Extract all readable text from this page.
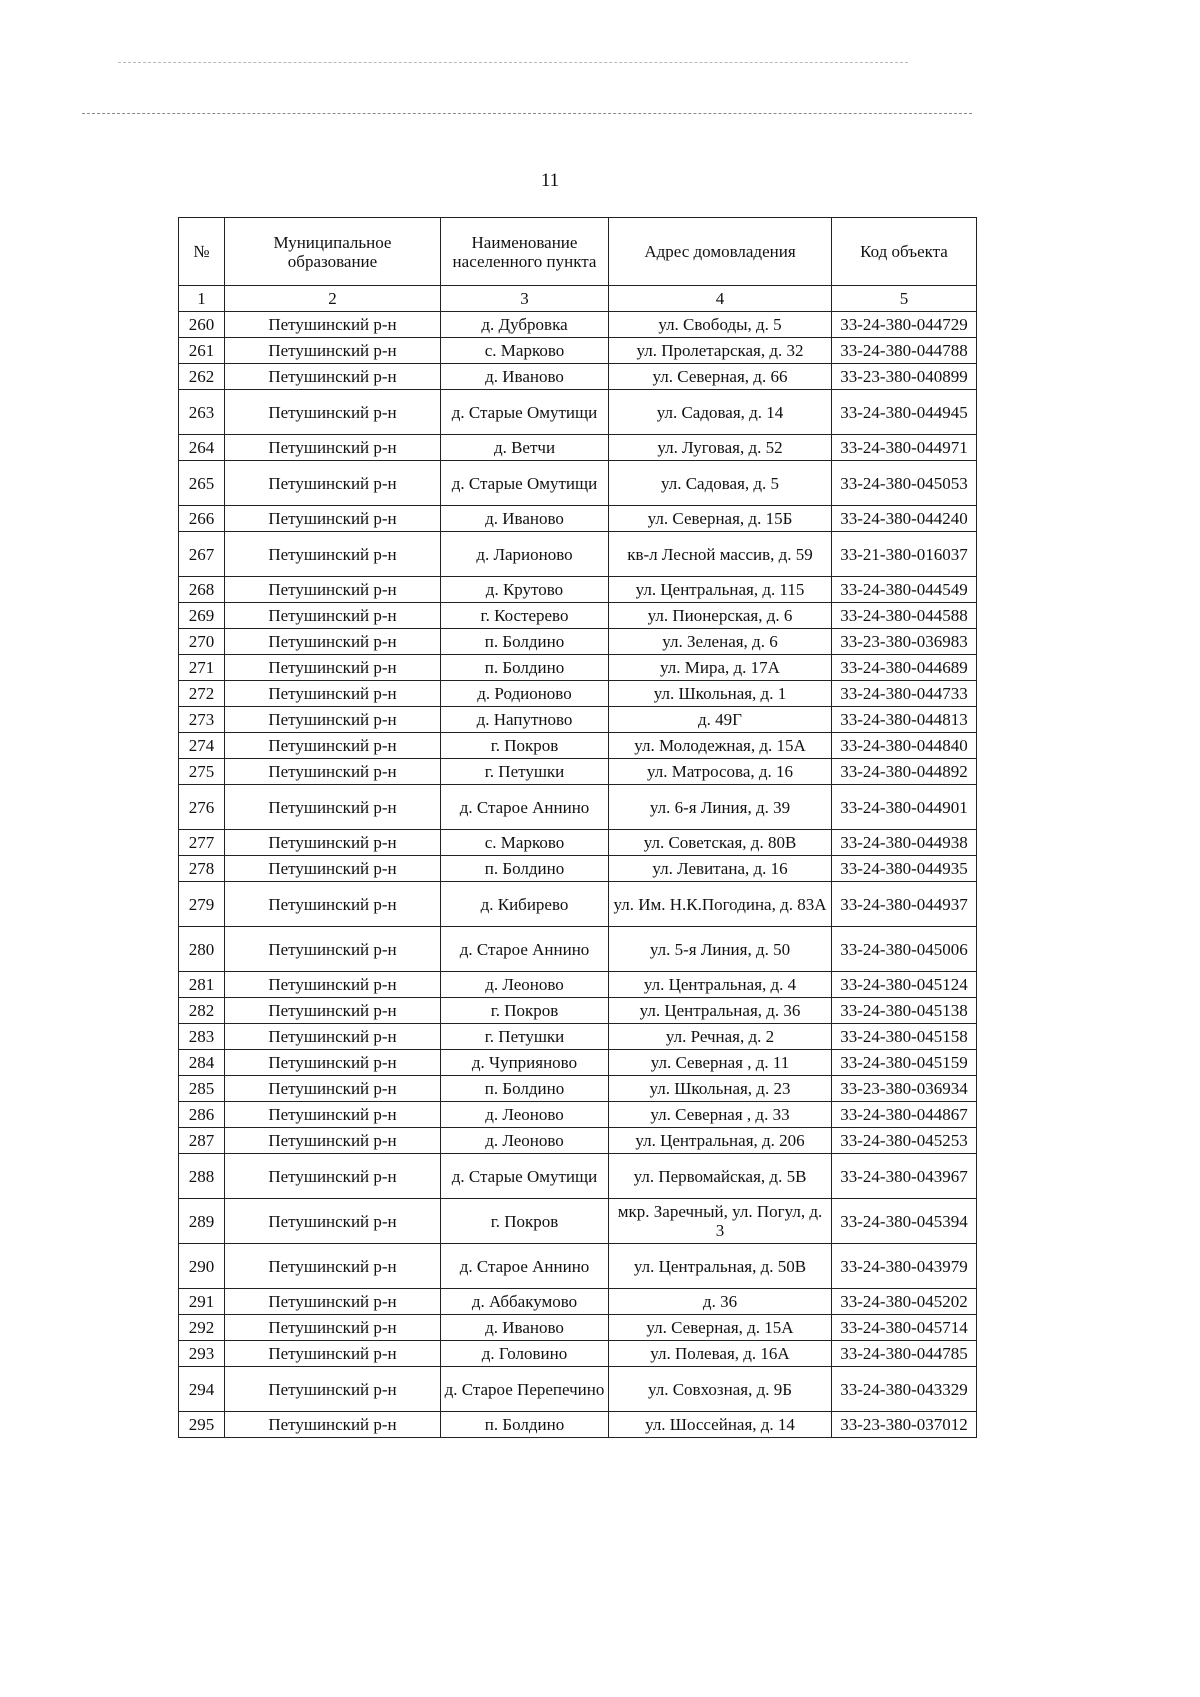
11
№	Муниципальное образование	Наименование населенного пункта	Адрес домовладения	Код объекта
1	2	3	4	5
260	Петушинский р-н	д. Дубровка	ул. Свободы, д. 5	33-24-380-044729
261	Петушинский р-н	с. Марково	ул. Пролетарская, д. 32	33-24-380-044788
262	Петушинский р-н	д. Иваново	ул. Северная, д. 66	33-23-380-040899
263	Петушинский р-н	д. Старые Омутищи	ул. Садовая, д. 14	33-24-380-044945
264	Петушинский р-н	д. Ветчи	ул. Луговая, д. 52	33-24-380-044971
265	Петушинский р-н	д. Старые Омутищи	ул. Садовая, д. 5	33-24-380-045053
266	Петушинский р-н	д. Иваново	ул. Северная, д. 15Б	33-24-380-044240
267	Петушинский р-н	д. Ларионово	кв-л Лесной массив, д. 59	33-21-380-016037
268	Петушинский р-н	д. Крутово	ул. Центральная, д. 115	33-24-380-044549
269	Петушинский р-н	г. Костерево	ул. Пионерская, д. 6	33-24-380-044588
270	Петушинский р-н	п. Болдино	ул. Зеленая, д. 6	33-23-380-036983
271	Петушинский р-н	п. Болдино	ул. Мира, д. 17А	33-24-380-044689
272	Петушинский р-н	д. Родионово	ул. Школьная, д. 1	33-24-380-044733
273	Петушинский р-н	д. Напутново	д. 49Г	33-24-380-044813
274	Петушинский р-н	г. Покров	ул. Молодежная, д. 15А	33-24-380-044840
275	Петушинский р-н	г. Петушки	ул. Матросова, д. 16	33-24-380-044892
276	Петушинский р-н	д. Старое Аннино	ул. 6-я Линия, д. 39	33-24-380-044901
277	Петушинский р-н	с. Марково	ул. Советская, д. 80В	33-24-380-044938
278	Петушинский р-н	п. Болдино	ул. Левитана, д. 16	33-24-380-044935
279	Петушинский р-н	д. Кибирево	ул. Им. Н.К.Погодина, д. 83А	33-24-380-044937
280	Петушинский р-н	д. Старое Аннино	ул. 5-я Линия, д. 50	33-24-380-045006
281	Петушинский р-н	д. Леоново	ул. Центральная, д. 4	33-24-380-045124
282	Петушинский р-н	г. Покров	ул. Центральная, д. 36	33-24-380-045138
283	Петушинский р-н	г. Петушки	ул. Речная, д. 2	33-24-380-045158
284	Петушинский р-н	д. Чуприяново	ул. Северная , д. 11	33-24-380-045159
285	Петушинский р-н	п. Болдино	ул. Школьная, д. 23	33-23-380-036934
286	Петушинский р-н	д. Леоново	ул. Северная , д. 33	33-24-380-044867
287	Петушинский р-н	д. Леоново	ул. Центральная, д. 206	33-24-380-045253
288	Петушинский р-н	д. Старые Омутищи	ул. Первомайская, д. 5В	33-24-380-043967
289	Петушинский р-н	г. Покров	мкр. Заречный, ул. Погул, д. 3	33-24-380-045394
290	Петушинский р-н	д. Старое Аннино	ул. Центральная, д. 50В	33-24-380-043979
291	Петушинский р-н	д. Аббакумово	д. 36	33-24-380-045202
292	Петушинский р-н	д. Иваново	ул. Северная, д. 15А	33-24-380-045714
293	Петушинский р-н	д. Головино	ул. Полевая, д. 16А	33-24-380-044785
294	Петушинский р-н	д. Старое Перепечино	ул. Совхозная, д. 9Б	33-24-380-043329
295	Петушинский р-н	п. Болдино	ул. Шоссейная, д. 14	33-23-380-037012
